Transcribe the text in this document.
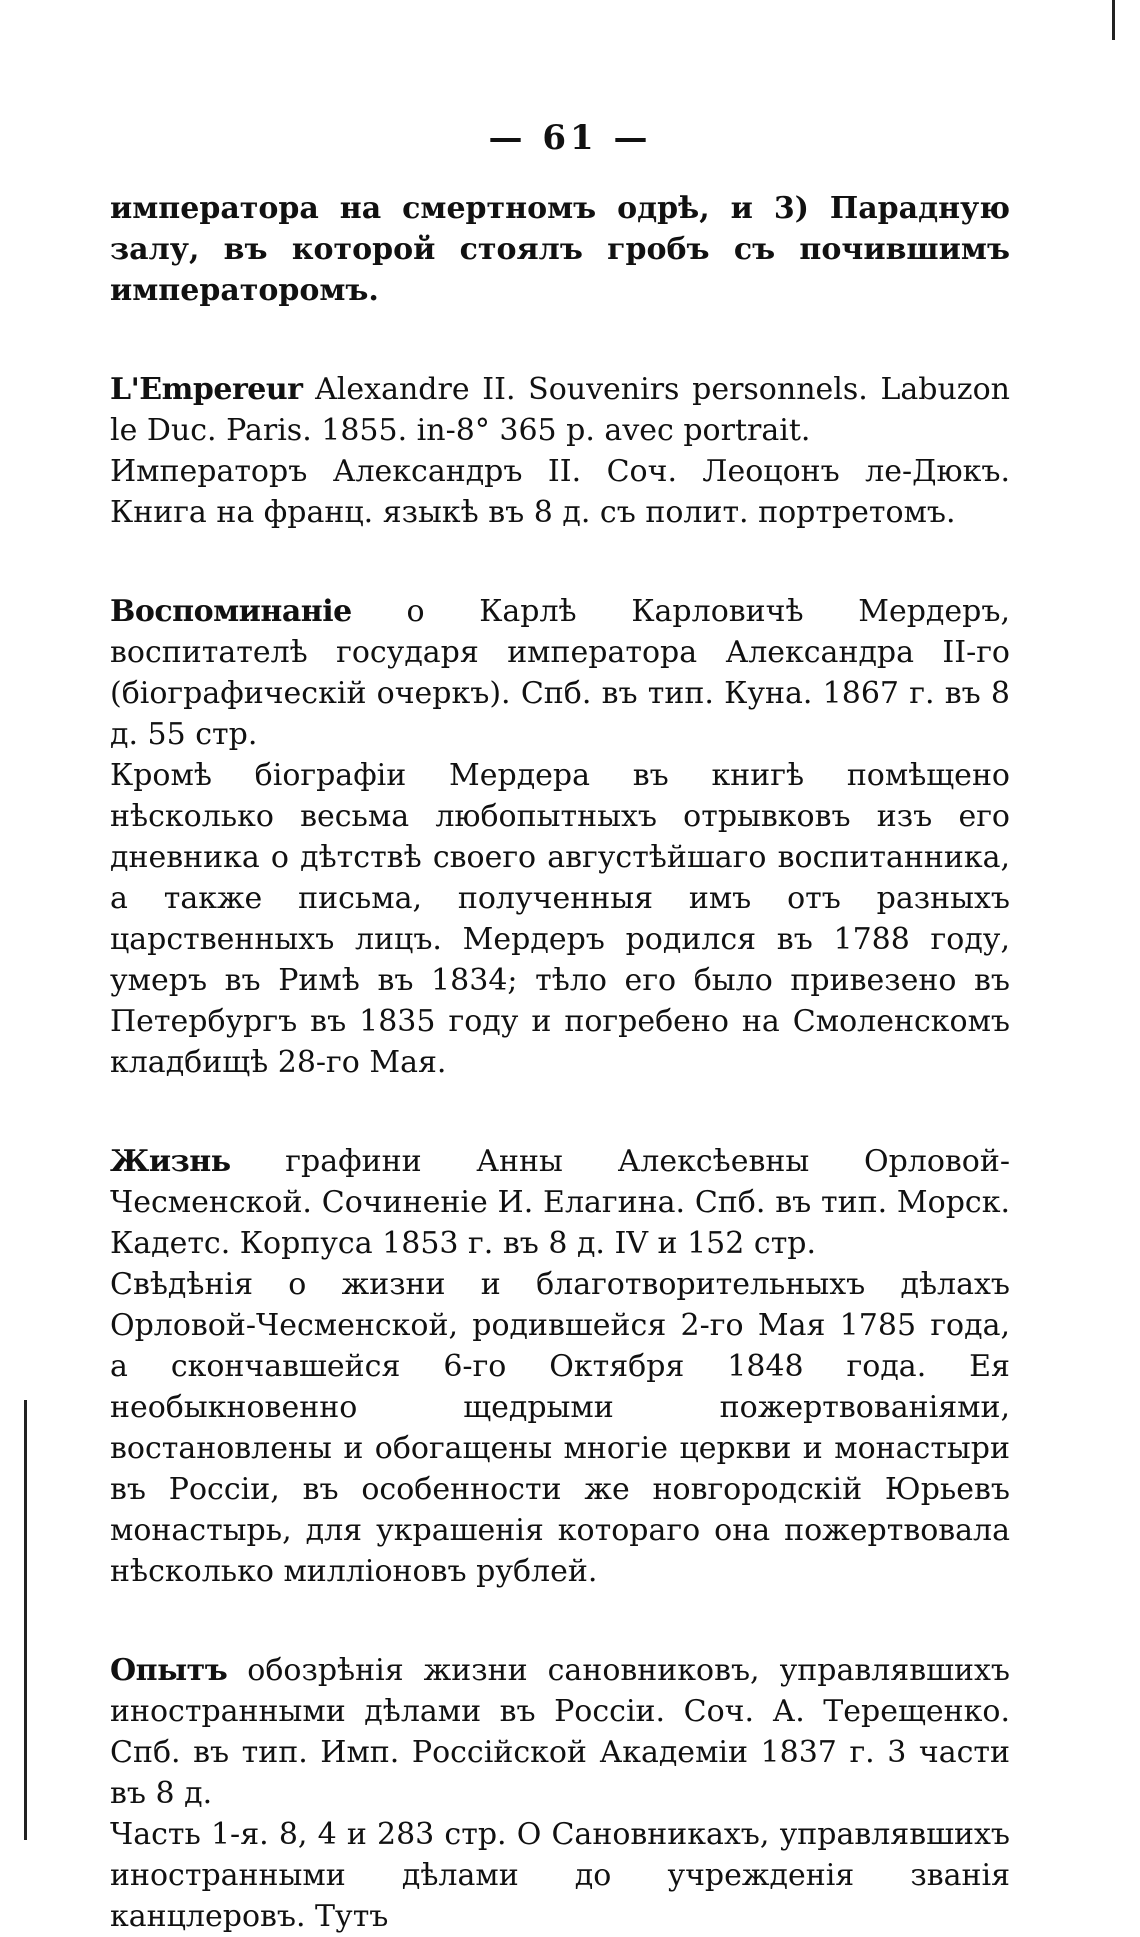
— 61 —

императора на смертномъ одрѣ, и 3) Парадную залу, въ которой стоялъ гробъ съ почившимъ императоромъ.

L'Empereur Alexandre II. Souvenirs personnels. Labuzon le Duc. Paris. 1855. in-8° 365 p. avec portrait.

Императоръ Александръ II. Соч. Леоцонъ ле-Дюкъ. Книга на франц. языкѣ въ 8 д. съ полит. портретомъ.

Воспоминаніе о Карлѣ Карловичѣ Мердеръ, воспитателѣ государя императора Александра II-го (біографическій очеркъ). Спб. въ тип. Куна. 1867 г. въ 8 д. 55 стр.

Кромѣ біографіи Мердера въ книгѣ помѣщено нѣсколько весьма любопытныхъ отрывковъ изъ его дневника о дѣтствѣ своего августѣйшаго воспитанника, а также письма, полученныя имъ отъ разныхъ царственныхъ лицъ. Мердеръ родился въ 1788 году, умеръ въ Римѣ въ 1834; тѣло его было привезено въ Петербургъ въ 1835 году и погребено на Смоленскомъ кладбищѣ 28-го Мая.

Жизнь графини Анны Алексѣевны Орловой-Чесменской. Сочиненіе И. Елагина. Спб. въ тип. Морск. Кадетс. Корпуса 1853 г. въ 8 д. IV и 152 стр.

Свѣдѣнія о жизни и благотворительныхъ дѣлахъ Орловой-Чесменской, родившейся 2-го Мая 1785 года, а скончавшейся 6-го Октября 1848 года. Ея необыкновенно щедрыми пожертвованіями, востановлены и обогащены многіе церкви и монастыри въ Россіи, въ особенности же новгородскій Юрьевъ монастырь, для украшенія котораго она пожертвовала нѣсколько милліоновъ рублей.

Опытъ обозрѣнія жизни сановниковъ, управлявшихъ иностранными дѣлами въ Россіи. Соч. А. Терещенко. Спб. въ тип. Имп. Россійской Академіи 1837 г. 3 части въ 8 д.

Часть 1-я. 8, 4 и 283 стр. О Сановникахъ, управлявшихъ иностранными дѣлами до учрежденія званія канцлеровъ. Тутъ
